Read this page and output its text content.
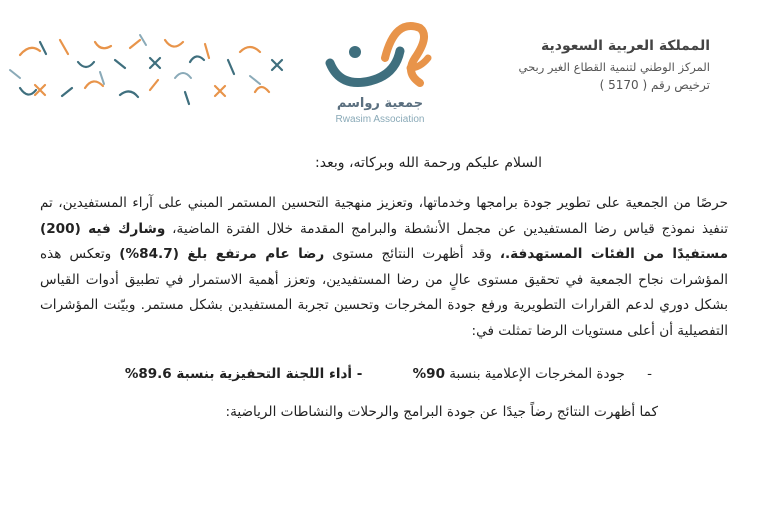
جمعية رواسم
Rwasim Association
المملكة العربية السعودية
المركز الوطني لتنمية القطاع الغير ربحي
ترخيص رقم ( 5170 )
السلام عليكم ورحمة الله وبركاته، وبعد:
حرصًا من الجمعية على تطوير جودة برامجها وخدماتها، وتعزيز منهجية التحسين المستمر المبني على آراء المستفيدين، تم تنفيذ نموذج قياس رضا المستفيدين عن مجمل الأنشطة والبرامج المقدمة خلال الفترة الماضية، وشارك فيه (200) مستفيدًا من الفئات المستهدفة.، وقد أظهرت النتائج مستوى رضا عام مرتفع بلغ (84.7%) وتعكس هذه المؤشرات نجاح الجمعية في تحقيق مستوى عالٍ من رضا المستفيدين، وتعزز أهمية الاستمرار في تطبيق أدوات القياس بشكل دوري لدعم القرارات التطويرية ورفع جودة المخرجات وتحسين تجربة المستفيدين بشكل مستمر. وبيّنت المؤشرات التفصيلية أن أعلى مستويات الرضا تمثلت في:
- جودة المخرجات الإعلامية بنسبة 90% - أداء اللجنة التحفيزية بنسبة 89.6%
كما أظهرت النتائج رضاً جيدًا عن جودة البرامج والرحلات والنشاطات الرياضية:
